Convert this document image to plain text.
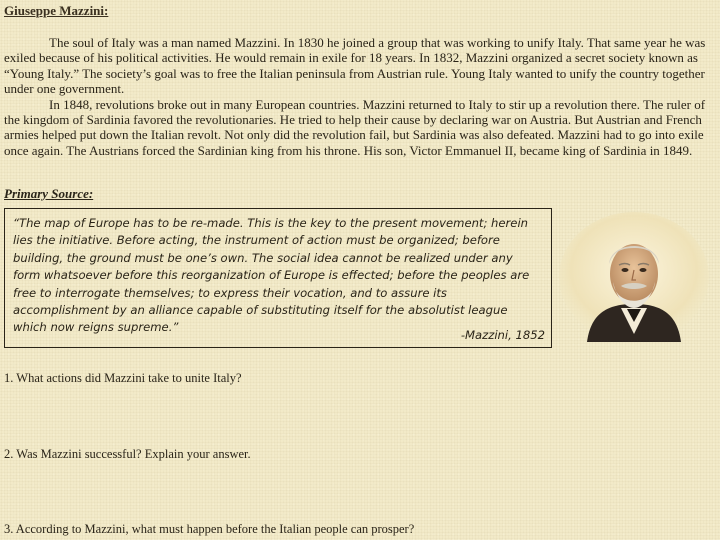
Giuseppe Mazzini:

The soul of Italy was a man named Mazzini. In 1830 he joined a group that was working to unify Italy. That same year he was exiled because of his political activities. He would remain in exile for 18 years. In 1832, Mazzini organized a secret society known as “Young Italy.” The society’s goal was to free the Italian peninsula from Austrian rule. Young Italy wanted to unify the country together under one government.

In 1848, revolutions broke out in many European countries. Mazzini returned to Italy to stir up a revolution there. The ruler of the kingdom of Sardinia favored the revolutionaries. He tried to help their cause by declaring war on Austria. But Austrian and French armies helped put down the Italian revolt. Not only did the revolution fail, but Sardinia was also defeated. Mazzini had to go into exile once again. The Austrians forced the Sardinian king from his throne. His son, Victor Emmanuel II, became king of Sardinia in 1849.

Primary Source:

“The map of Europe has to be re-made. This is the key to the present movement; herein lies the initiative. Before acting, the instrument of action must be organized; before building, the ground must be one’s own. The social idea cannot be realized under any form whatsoever before this reorganization of Europe is effected; before the peoples are free to interrogate themselves; to express their vocation, and to assure its accomplishment by an alliance capable of substituting itself for the absolutist league which now reigns supreme.”

-Mazzini, 1852
1. What actions did Mazzini take to unite Italy?
2. Was Mazzini successful? Explain your answer.
3. According to Mazzini, what must happen before the Italian people can prosper?
